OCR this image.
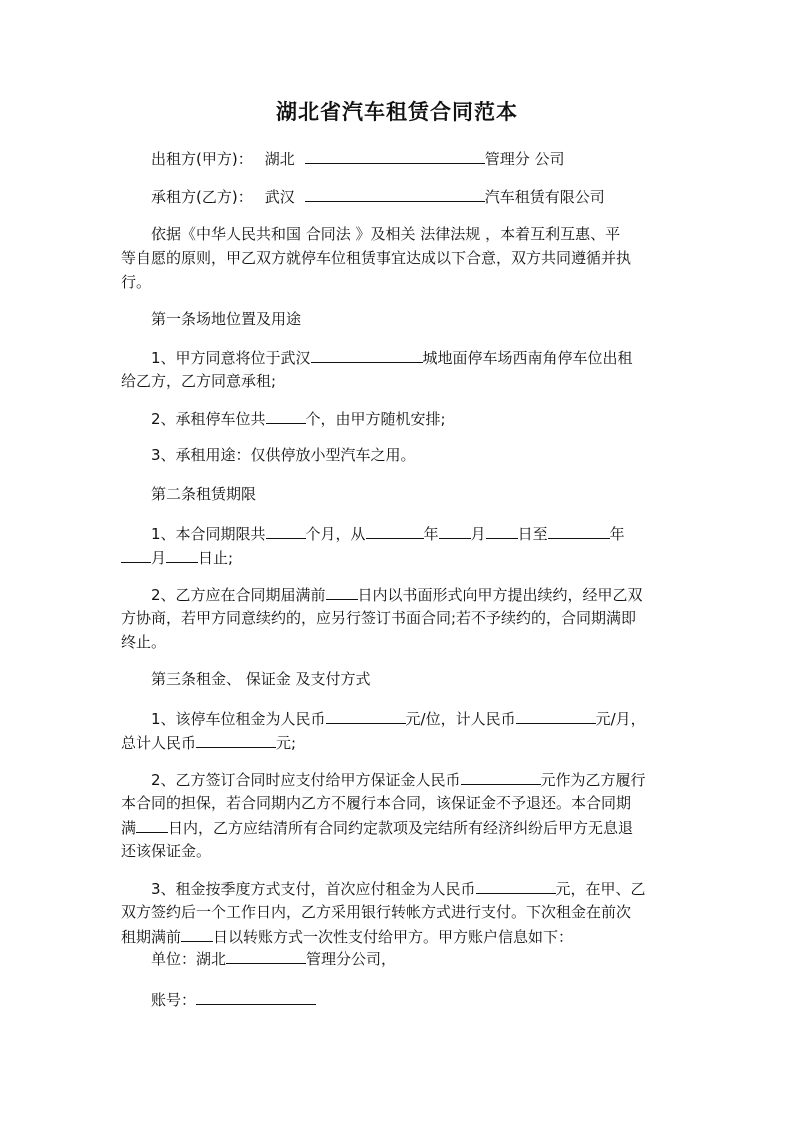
湖北省汽车租赁合同范本
出租方(甲方)： 湖北	管理分 公司
承租方(乙方)： 武汉	汽车租赁有限公司
依据《中华人民共和国 合同法 》及相关 法律法规 ，本着互利互惠、平
等自愿的原则，甲乙双方就停车位租赁事宜达成以下合意，双方共同遵循并执
行。
第一条场地位置及用途
1、甲方同意将位于武汉	城地面停车场西南角停车位出租
给乙方，乙方同意承租;
2、承租停车位共	个，由甲方随机安排;
3、承租用途：仅供停放小型汽车之用。
第二条租赁期限
1、本合同期限共	个月，从	年 月 日至	年
月 日止;
2、乙方应在合同期届满前 日内以书面形式向甲方提出续约，经甲乙双
方协商，若甲方同意续约的，应另行签订书面合同;若不予续约的，合同期满即
终止。
第三条租金、 保证金 及支付方式
1、该停车位租金为人民币	元/位，计人民币	元/月，
总计人民币	元;
2、乙方签订合同时应支付给甲方保证金人民币	元作为乙方履行
本合同的担保，若合同期内乙方不履行本合同，该保证金不予退还。本合同期
满 日内，乙方应结清所有合同约定款项及完结所有经济纠纷后甲方无息退
还该保证金。
3、租金按季度方式支付，首次应付租金为人民币	元，在甲、乙
双方签约后一个工作日内，乙方采用银行转帐方式进行支付。下次租金在前次
租期满前 日以转账方式一次性支付给甲方。甲方账户信息如下：
单位：湖北	管理分公司，
账号：
